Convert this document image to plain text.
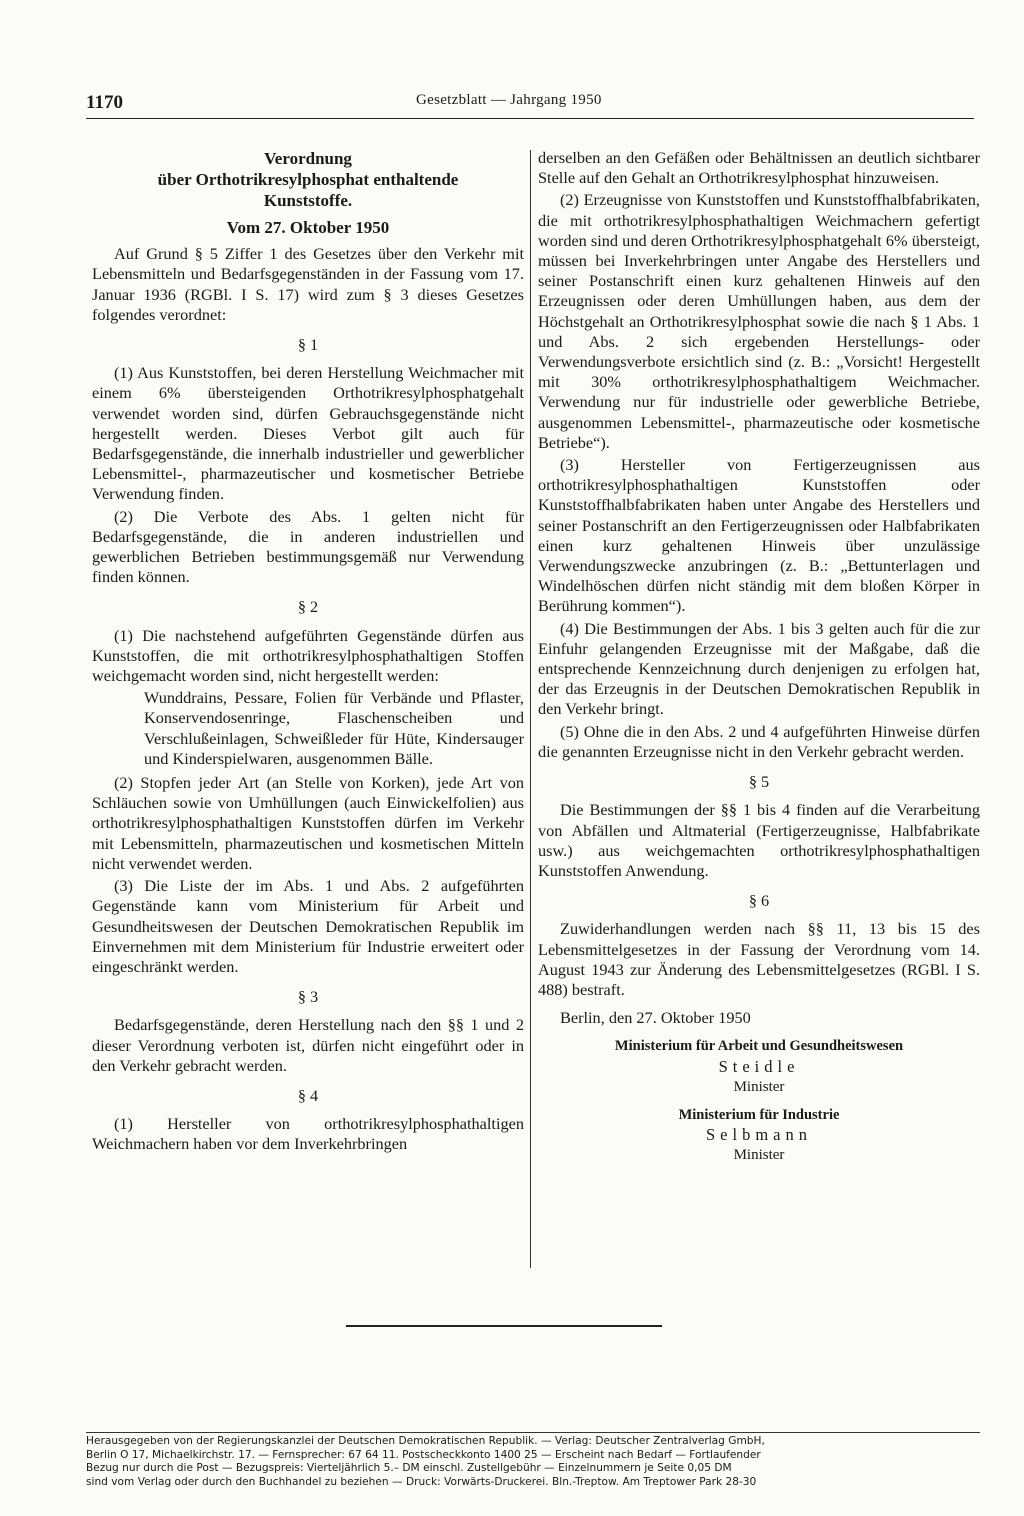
1170	Gesetzblatt — Jahrgang 1950
Verordnung
über Orthotrikresylphosphat enthaltende
Kunststoffe.
Vom 27. Oktober 1950

Auf Grund § 5 Ziffer 1 des Gesetzes über den Verkehr mit Lebensmitteln und Bedarfsgegenständen in der Fassung vom 17. Januar 1936 (RGBl. I S. 17) wird zum § 3 dieses Gesetzes folgendes verordnet:

§ 1

(1) Aus Kunststoffen, bei deren Herstellung Weichmacher mit einem 6% übersteigenden Orthotrikresylphosphatgehalt verwendet worden sind, dürfen Gebrauchsgegenstände nicht hergestellt werden. Dieses Verbot gilt auch für Bedarfsgegenstände, die innerhalb industrieller und gewerblicher Lebensmittel-, pharmazeutischer und kosmetischer Betriebe Verwendung finden.

(2) Die Verbote des Abs. 1 gelten nicht für Bedarfsgegenstände, die in anderen industriellen und gewerblichen Betrieben bestimmungsgemäß nur Verwendung finden können.

§ 2

(1) Die nachstehend aufgeführten Gegenstände dürfen aus Kunststoffen, die mit orthotrikresylphosphathaltigen Stoffen weichgemacht worden sind, nicht hergestellt werden:

Wunddrains, Pessare, Folien für Verbände und Pflaster, Konservendosenringe, Flaschenscheiben und Verschlußeinlagen, Schweißleder für Hüte, Kindersauger und Kinderspielwaren, ausgenommen Bälle.

(2) Stopfen jeder Art (an Stelle von Korken), jede Art von Schläuchen sowie von Umhüllungen (auch Einwickelfolien) aus orthotrikresylphosphathaltigen Kunststoffen dürfen im Verkehr mit Lebensmitteln, pharmazeutischen und kosmetischen Mitteln nicht verwendet werden.

(3) Die Liste der im Abs. 1 und Abs. 2 aufgeführten Gegenstände kann vom Ministerium für Arbeit und Gesundheitswesen der Deutschen Demokratischen Republik im Einvernehmen mit dem Ministerium für Industrie erweitert oder eingeschränkt werden.

§ 3

Bedarfsgegenstände, deren Herstellung nach den §§ 1 und 2 dieser Verordnung verboten ist, dürfen nicht eingeführt oder in den Verkehr gebracht werden.

§ 4

(1) Hersteller von orthotrikresylphosphathaltigen Weichmachern haben vor dem Inverkehrbringen

derselben an den Gefäßen oder Behältnissen an deutlich sichtbarer Stelle auf den Gehalt an Orthotrikresylphosphat hinzuweisen.

(2) Erzeugnisse von Kunststoffen und Kunststoffhalbfabrikaten, die mit orthotrikresylphosphathaltigen Weichmachern gefertigt worden sind und deren Orthotrikresylphosphatgehalt 6% übersteigt, müssen bei Inverkehrbringen unter Angabe des Herstellers und seiner Postanschrift einen kurz gehaltenen Hinweis auf den Erzeugnissen oder deren Umhüllungen haben, aus dem der Höchstgehalt an Orthotrikresylphosphat sowie die nach § 1 Abs. 1 und Abs. 2 sich ergebenden Herstellungs- oder Verwendungsverbote ersichtlich sind (z. B.: „Vorsicht! Hergestellt mit 30% orthotrikresylphosphathaltigem Weichmacher. Verwendung nur für industrielle oder gewerbliche Betriebe, ausgenommen Lebensmittel-, pharmazeutische oder kosmetische Betriebe“).

(3) Hersteller von Fertigerzeugnissen aus orthotrikresylphosphathaltigen Kunststoffen oder Kunststoffhalbfabrikaten haben unter Angabe des Herstellers und seiner Postanschrift an den Fertigerzeugnissen oder Halbfabrikaten einen kurz gehaltenen Hinweis über unzulässige Verwendungszwecke anzubringen (z. B.: „Bettunterlagen und Windelhöschen dürfen nicht ständig mit dem bloßen Körper in Berührung kommen“).

(4) Die Bestimmungen der Abs. 1 bis 3 gelten auch für die zur Einfuhr gelangenden Erzeugnisse mit der Maßgabe, daß die entsprechende Kennzeichnung durch denjenigen zu erfolgen hat, der das Erzeugnis in der Deutschen Demokratischen Republik in den Verkehr bringt.

(5) Ohne die in den Abs. 2 und 4 aufgeführten Hinweise dürfen die genannten Erzeugnisse nicht in den Verkehr gebracht werden.

§ 5

Die Bestimmungen der §§ 1 bis 4 finden auf die Verarbeitung von Abfällen und Altmaterial (Fertigerzeugnisse, Halbfabrikate usw.) aus weichgemachten orthotrikresylphosphathaltigen Kunststoffen Anwendung.

§ 6

Zuwiderhandlungen werden nach §§ 11, 13 bis 15 des Lebensmittelgesetzes in der Fassung der Verordnung vom 14. August 1943 zur Änderung des Lebensmittelgesetzes (RGBl. I S. 488) bestraft.

Berlin, den 27. Oktober 1950
Ministerium für Arbeit und Gesundheitswesen
Steidle
Minister
Ministerium für Industrie
Selbmann
Minister
Herausgegeben von der Regierungskanzlei der Deutschen Demokratischen Republik. — Verlag: Deutscher Zentralverlag GmbH,
Berlin O 17, Michaelkirchstr. 17. — Fernsprecher: 67 64 11. Postscheckkonto 1400 25 — Erscheint nach Bedarf — Fortlaufender
Bezug nur durch die Post — Bezugspreis: Vierteljährlich 5.– DM einschl. Zustellgebühr — Einzelnummern je Seite 0,05 DM
sind vom Verlag oder durch den Buchhandel zu beziehen — Druck: Vorwärts-Druckerei. Bln.-Treptow. Am Treptower Park 28-30
